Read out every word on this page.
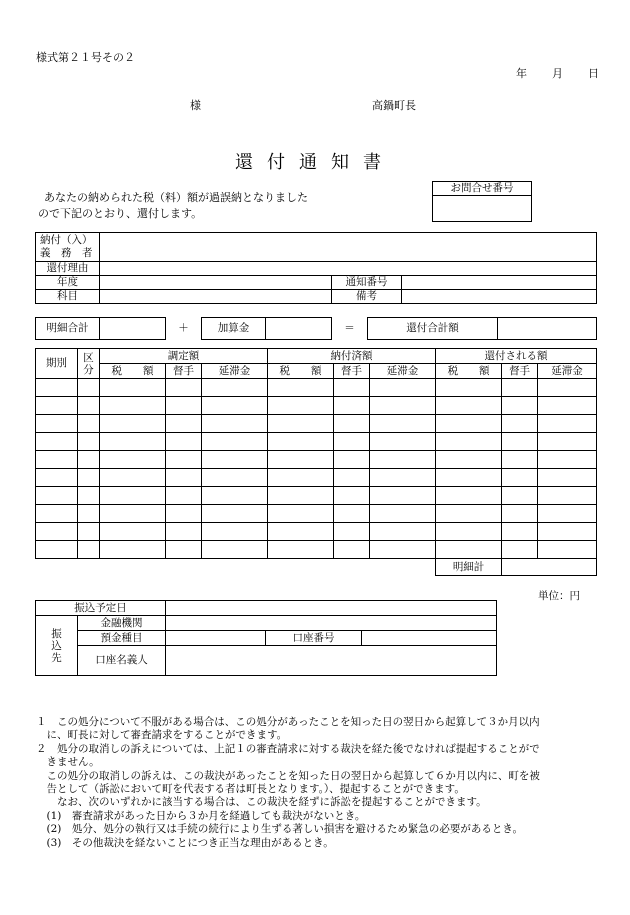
様式第２１号その２
年 月 日
様	高鍋町長
還付通知書
あなたの納められた税（料）額が過誤納となりました
ので下記のとおり、還付します。
お問合せ番号

納付（入）
義　務　者			

還付理由			
年度		通知番号	
科目		備考	
明細合計		＋	加算金		＝	還付合計額	
期別	区分	調定額			納付済額			還付される額		
		税　　額	督手	延滞金	税　　額	督手	延滞金	税　　額	督手	延滞金

								明細計		
単位：円
振込予定日				

振込先	金融機関			
	預金種目		口座番号	
	口座名義人			
１　この処分について不服がある場合は、この処分があったことを知った日の翌日から起算して３か月以内
　に、町長に対して審査請求をすることができます。
２　処分の取消しの訴えについては、上記１の審査請求に対する裁決を経た後でなければ提起することがで
　きません。
　この処分の取消しの訴えは、この裁決があったことを知った日の翌日から起算して６か月以内に、町を被
　告として（訴訟において町を代表する者は町長となります。）、提起することができます。
　　なお、次のいずれかに該当する場合は、この裁決を経ずに訴訟を提起することができます。
　(1)　審査請求があった日から３か月を経過しても裁決がないとき。
　(2)　処分、処分の執行又は手続の続行により生ずる著しい損害を避けるため緊急の必要があるとき。
　(3)　その他裁決を経ないことにつき正当な理由があるとき。
